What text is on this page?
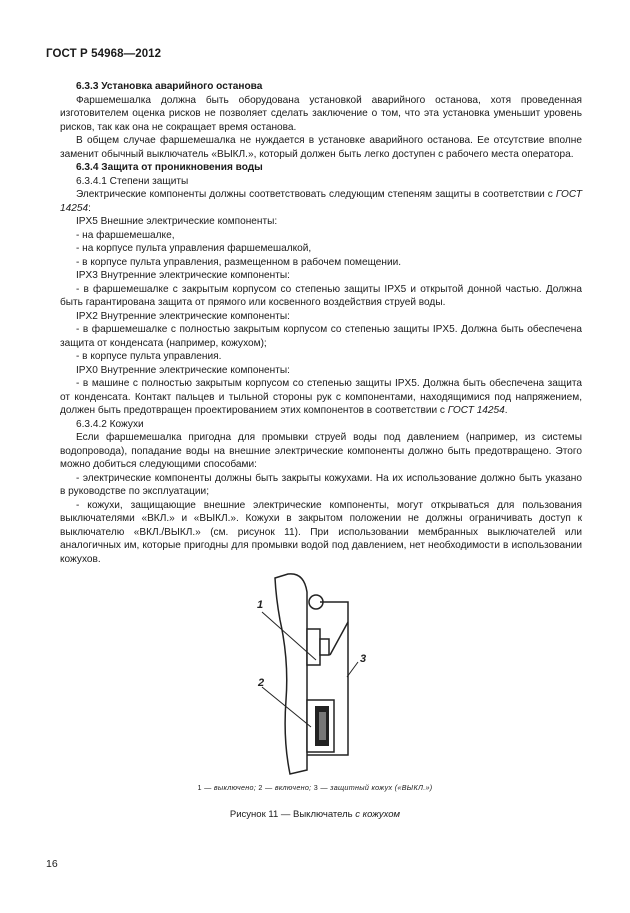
ГОСТ Р 54968—2012

6.3.3 Установка аварийного останова

Фаршемешалка должна быть оборудована установкой аварийного останова, хотя проведенная изготовителем оценка рисков не позволяет сделать заключение о том, что эта установка уменьшит уровень рисков, так как она не сокращает время останова.

В общем случае фаршемешалка не нуждается в установке аварийного останова. Ее отсутствие вполне заменит обычный выключатель «ВЫКЛ.», который должен быть легко доступен с рабочего места оператора.

6.3.4 Защита от проникновения воды

6.3.4.1 Степени защиты

Электрические компоненты должны соответствовать следующим степеням защиты в соответствии с ГОСТ 14254:

IPX5 Внешние электрические компоненты:

- на фаршемешалке,

- на корпусе пульта управления фаршемешалкой,

- в корпусе пульта управления, размещенном в рабочем помещении.

IPX3 Внутренние электрические компоненты:

- в фаршемешалке с закрытым корпусом со степенью защиты IPX5 и открытой донной частью. Должна быть гарантирована защита от прямого или косвенного воздействия струей воды.

IPX2 Внутренние электрические компоненты:

- в фаршемешалке с полностью закрытым корпусом со степенью защиты IPX5. Должна быть обеспечена защита от конденсата (например, кожухом);

- в корпусе пульта управления.

IPX0 Внутренние электрические компоненты:

- в машине с полностью закрытым корпусом со степенью защиты IPX5. Должна быть обеспечена защита от конденсата. Контакт пальцев и тыльной стороны рук с компонентами, находящимися под напряжением, должен быть предотвращен проектированием этих компонентов в соответствии с ГОСТ 14254.

6.3.4.2 Кожухи

Если фаршемешалка пригодна для промывки струей воды под давлением (например, из системы водопровода), попадание воды на внешние электрические компоненты должно быть предотвращено. Этого можно добиться следующими способами:

- электрические компоненты должны быть закрыты кожухами. На их использование должно быть указано в руководстве по эксплуатации;

- кожухи, защищающие внешние электрические компоненты, могут открываться для пользования выключателями «ВКЛ.» и «ВЫКЛ.». Кожухи в закрытом положении не должны ограничивать доступ к выключателю «ВКЛ./ВЫКЛ.» (см. рисунок 11). При использовании мембранных выключателей или аналогичных им, которые пригодны для промывки водой под давлением, нет необходимости в использовании кожухов.

1
2
3
1 — выключено; 2 — включено; 3 — защитный кожух («ВЫКЛ.»)
Рисунок 11 — Выключатель с кожухом
16
